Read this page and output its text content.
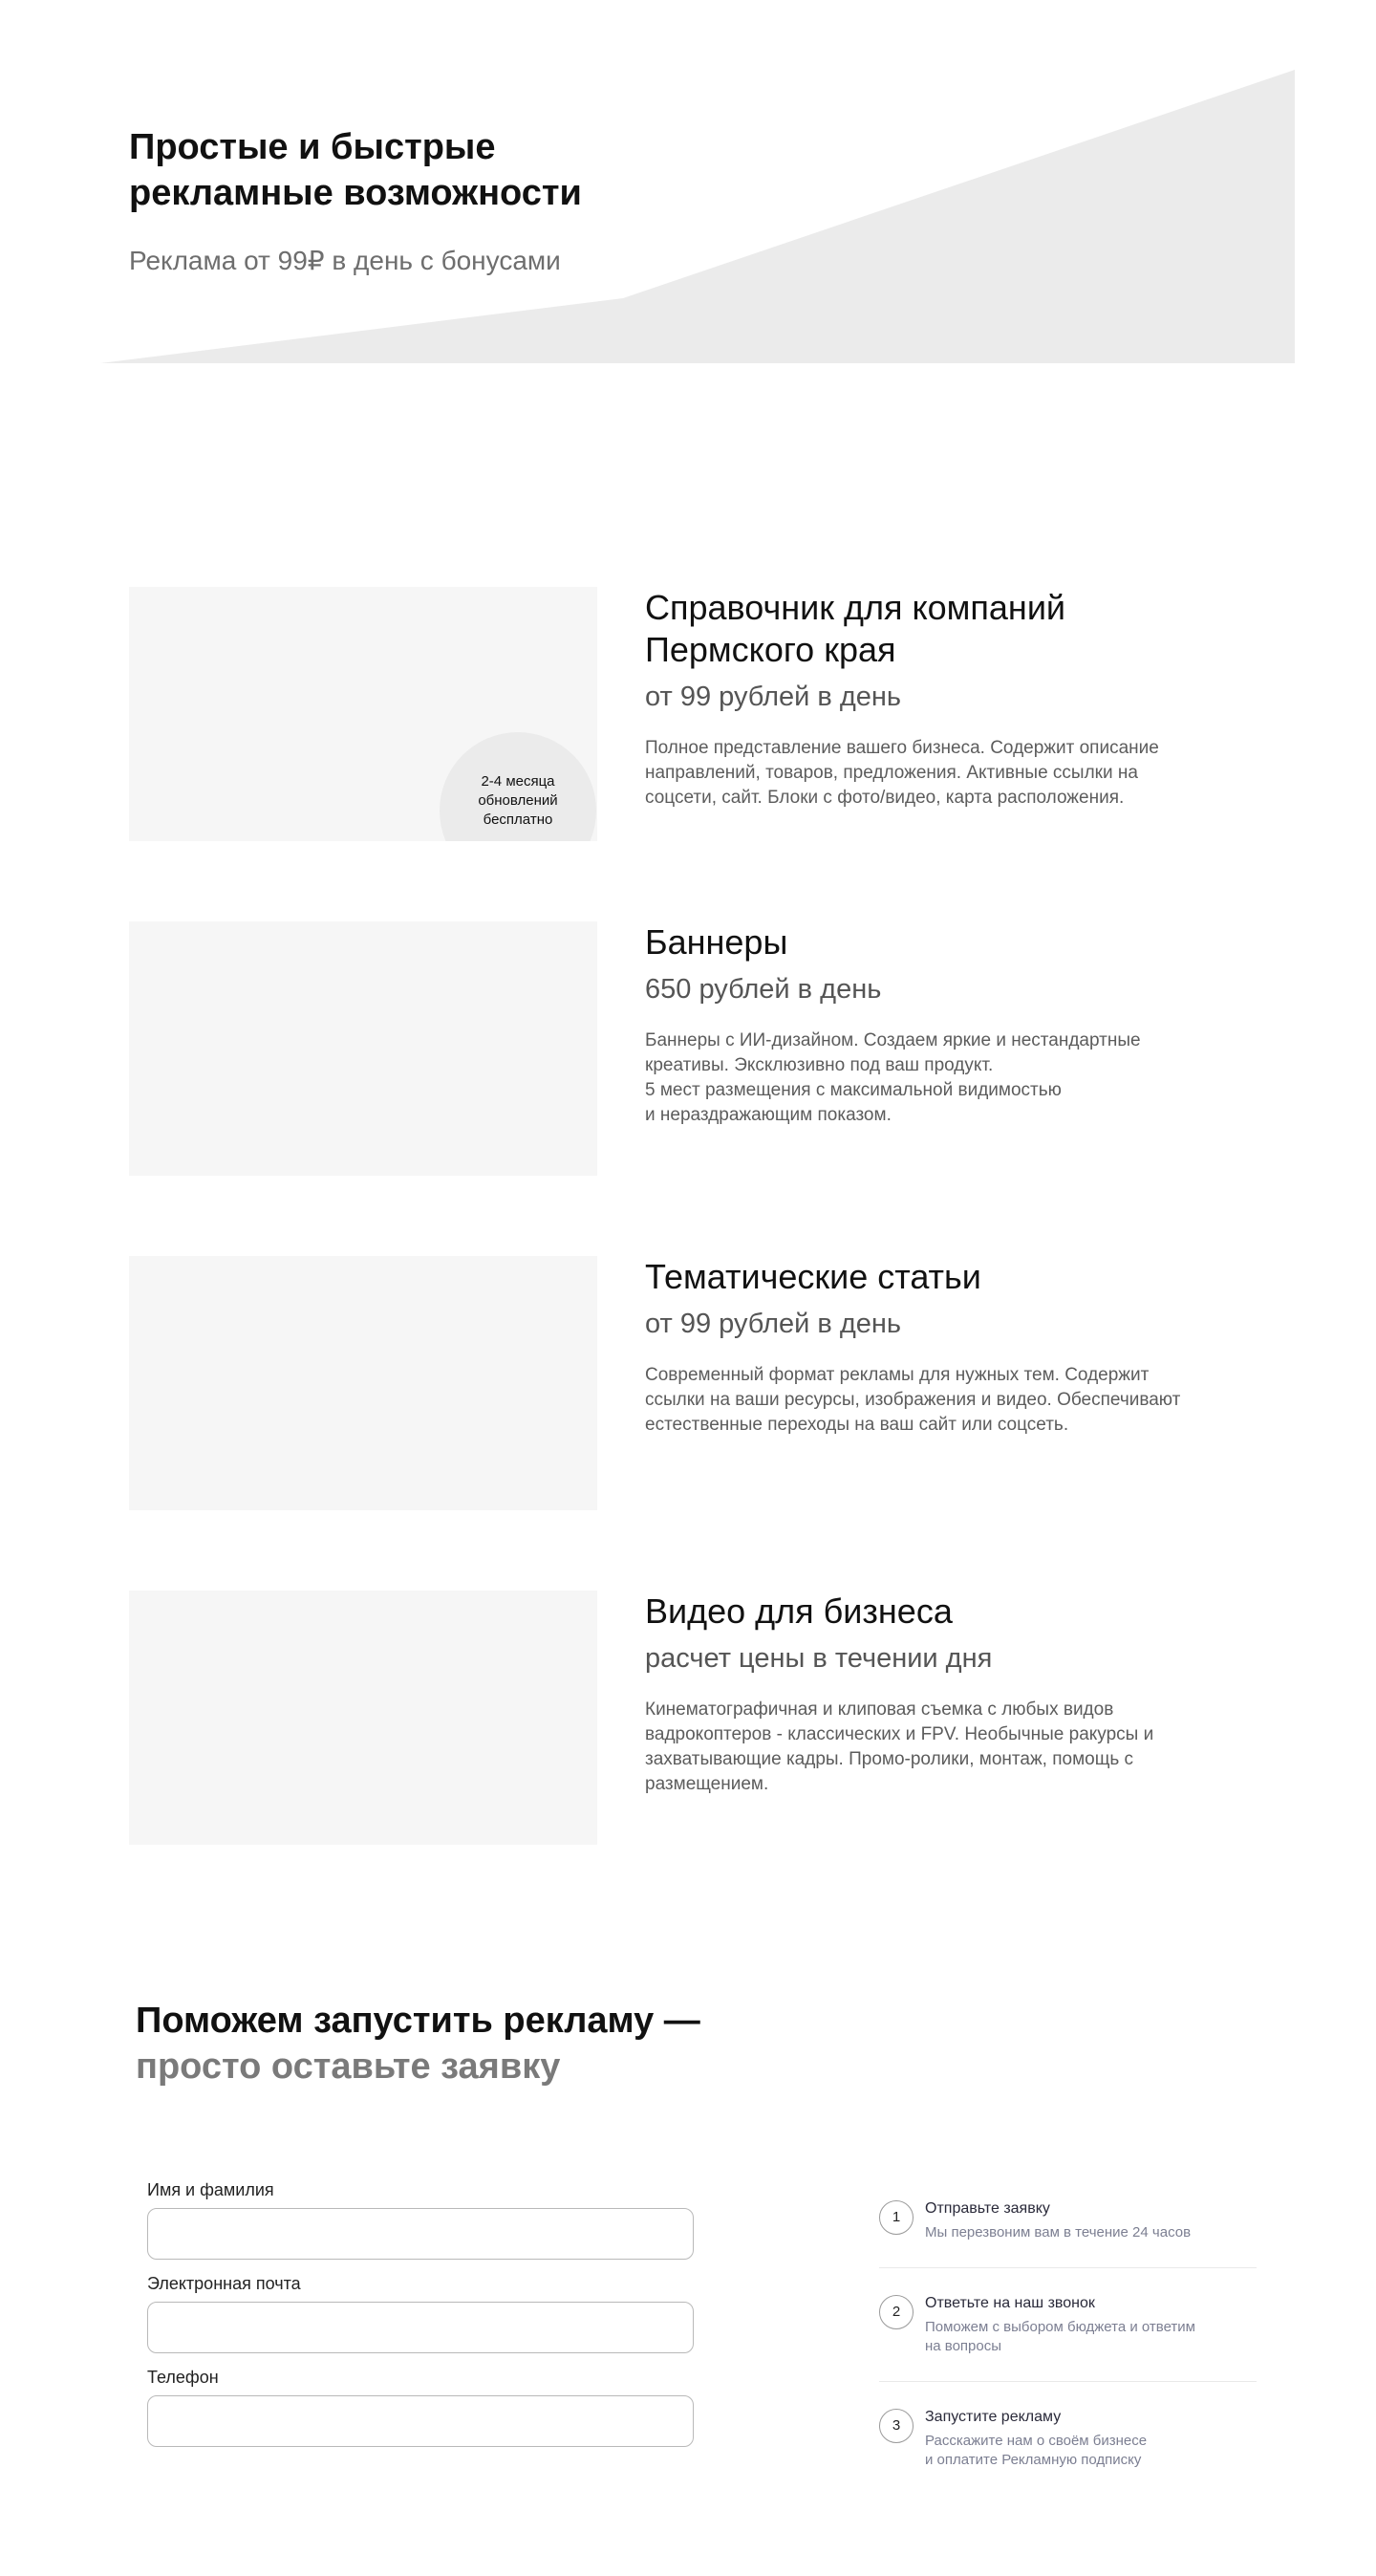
Простые и быстрые рекламные возможности

Реклама от 99₽ в день с бонусами

2-4 месяца
обновлений
бесплатно
Справочник для компаний Пермского края
от 99 рублей в день

Полное представление вашего бизнеса. Содержит описание направлений, товаров, предложения. Активные ссылки на соцсети, сайт. Блоки с фото/видео, карта расположения.

Баннеры
650 рублей в день

Баннеры с ИИ-дизайном. Создаем яркие и нестандартные креативы. Эксклюзивно под ваш продукт.
5 мест размещения с максимальной видимостью
и нераздражающим показом.

Тематические статьи
от 99 рублей в день

Современный формат рекламы для нужных тем. Содержит ссылки на ваши ресурсы, изображения и видео. Обеспечивают естественные переходы на ваш сайт или соцсеть.

Видео для бизнеса
расчет цены в течении дня

Кинематографичная и клиповая съемка с любых видов вадрокоптеров - классических и FPV. Необычные ракурсы и захватывающие кадры. Промо-ролики, монтаж, помощь с размещением.

Поможем запустить рекламу —
просто оставьте заявку
Имя и фамилия
Электронная почта
Телефон
1
Отправьте заявку
Мы перезвоним вам в течение 24 часов
2
Ответьте на наш звонок
Поможем с выбором бюджета и ответим
на вопросы
3
Запустите рекламу
Расскажите нам о своём бизнесе
и оплатите Рекламную подписку
